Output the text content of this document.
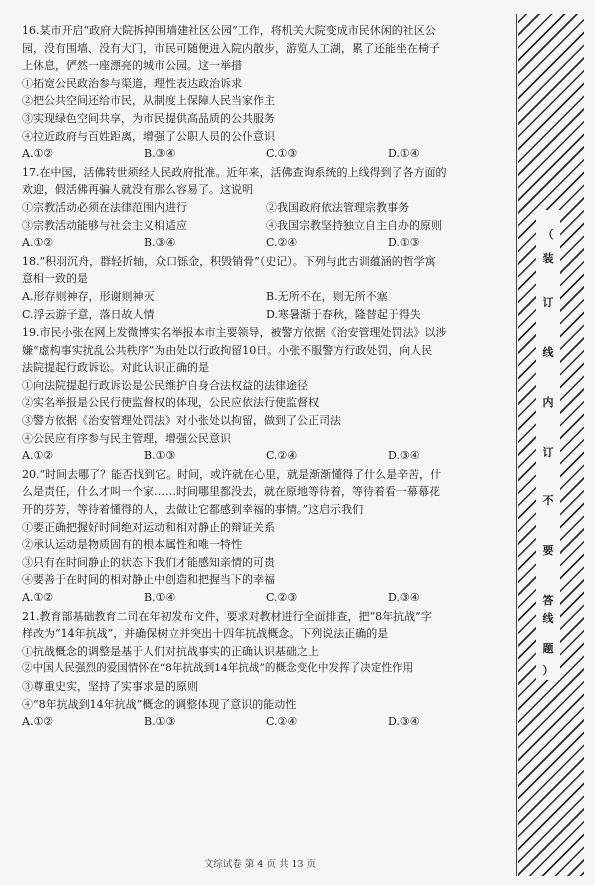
16.某市开启“政府大院拆掉围墙建社区公园”工作，将机关大院变成市民休闲的社区公
园，没有围墙、没有大门，市民可随便进入院内散步，游览人工湖，累了还能坐在椅子
上休息，俨然一座漂亮的城市公园。这一举措
①拓宽公民政治参与渠道，理性表达政治诉求
②把公共空间还给市民，从制度上保障人民当家作主
③实现绿色空间共享，为市民提供高品质的公共服务
④拉近政府与百姓距离，增强了公职人员的公仆意识
A.①②	B.③④	C.①③	D.①④
17.在中国，活佛转世须经人民政府批准。近年来，活佛查询系统的上线得到了各方面的
欢迎，假活佛再骗人就没有那么容易了。这说明
①宗教活动必须在法律范围内进行	②我国政府依法管理宗教事务
③宗教活动能够与社会主义相适应	④我国宗教坚持独立自主自办的原则
A.①②	B.③④	C.②④	D.①③
18.“积羽沉舟，群轻折轴，众口铄金，积毁销骨”（史记）。下列与此古训蕴涵的哲学寓
意相一致的是
A.形存则神存，形谢则神灭	B.无所不在，则无所不塞
C.浮云游子意，落日故人情	D.寒暑渐于春秋，隆替起于得失
19.市民小张在网上发微博实名举报本市主要领导，被警方依据《治安管理处罚法》以涉
嫌“虚构事实扰乱公共秩序”为由处以行政拘留10日。小张不服警方行政处罚，向人民
法院提起行政诉讼。对此认识正确的是
①向法院提起行政诉讼是公民维护自身合法权益的法律途径
②实名举报是公民行使监督权的体现，公民应依法行使监督权
③警方依据《治安管理处罚法》对小张处以拘留，做到了公正司法
④公民应有序参与民主管理，增强公民意识
A.①②	B.①③	C.②④	D.③④
20.“时间去哪了？能否找到它。时间，或许就在心里，就是渐渐懂得了什么是辛苦，什
么是责任，什么才叫一个家……时间哪里都没去，就在原地等待着，等待着看一幕幕花
开的芬芳，等待着懂得的人，去做让它都感到幸福的事情。”这启示我们
①要正确把握好时间绝对运动和相对静止的辩证关系
②承认运动是物质固有的根本属性和唯一特性
③只有在时间静止的状态下我们才能感知亲情的可贵
④要善于在时间的相对静止中创造和把握当下的幸福
A.①②	B.①④	C.②③	D.③④
21.教育部基础教育二司在年初发布文件，要求对教材进行全面排查，把“8年抗战”字
样改为“14年抗战”，并确保树立并突出十四年抗战概念。下列说法正确的是
①抗战概念的调整是基于人们对抗战事实的正确认识基础之上
②中国人民强烈的爱国情怀在“8年抗战到14年抗战”的概念变化中发挥了决定性作用
③尊重史实，坚持了实事求是的原则
④“8年抗战到14年抗战”概念的调整体现了意识的能动性
A.①②	B.①③	C.②④	D.③④
文综试卷 第 4 页 共 13 页
（
装
订
线
内
订
不
要
答
线
题
）
